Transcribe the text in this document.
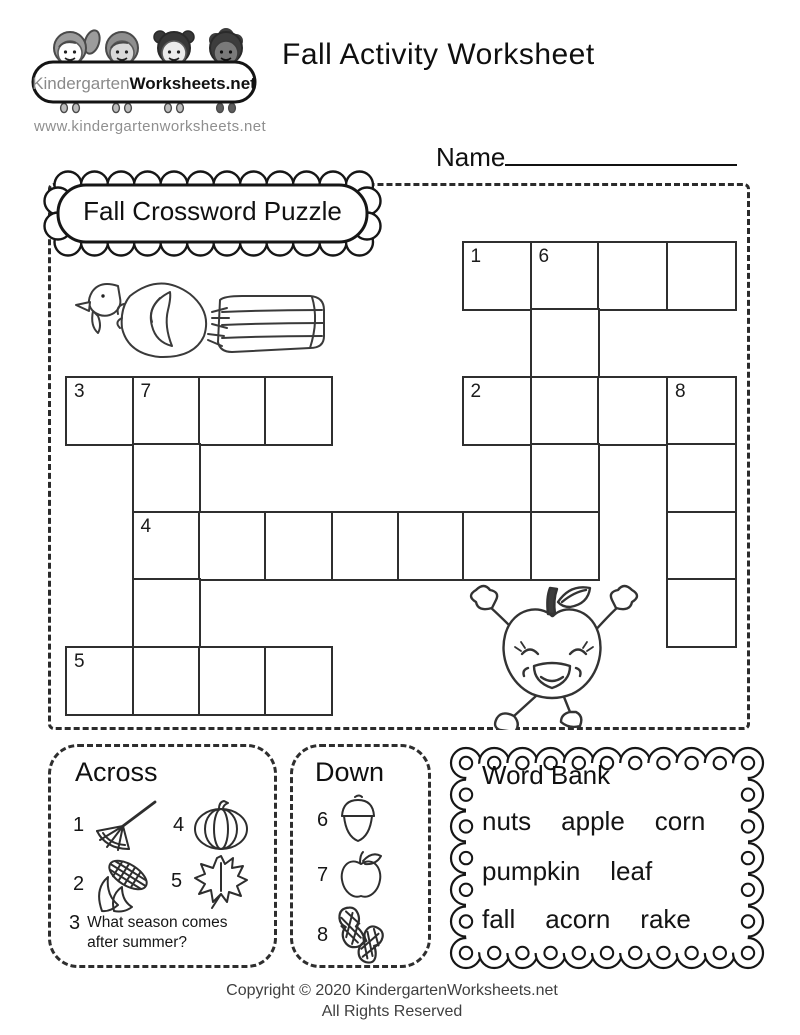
KindergartenWorksheets.net
www.kindergartenworksheets.net
Fall Activity Worksheet
Name
Fall Crossword Puzzle
1	6
3	7	2	8
4
5
Across
1	4
2	5
3 What season comes after summer?
Down
6
7
8
Word Bank
nuts apple corn
pumpkin leaf
fall acorn rake
Copyright © 2020 KindergartenWorksheets.net
All Rights Reserved
